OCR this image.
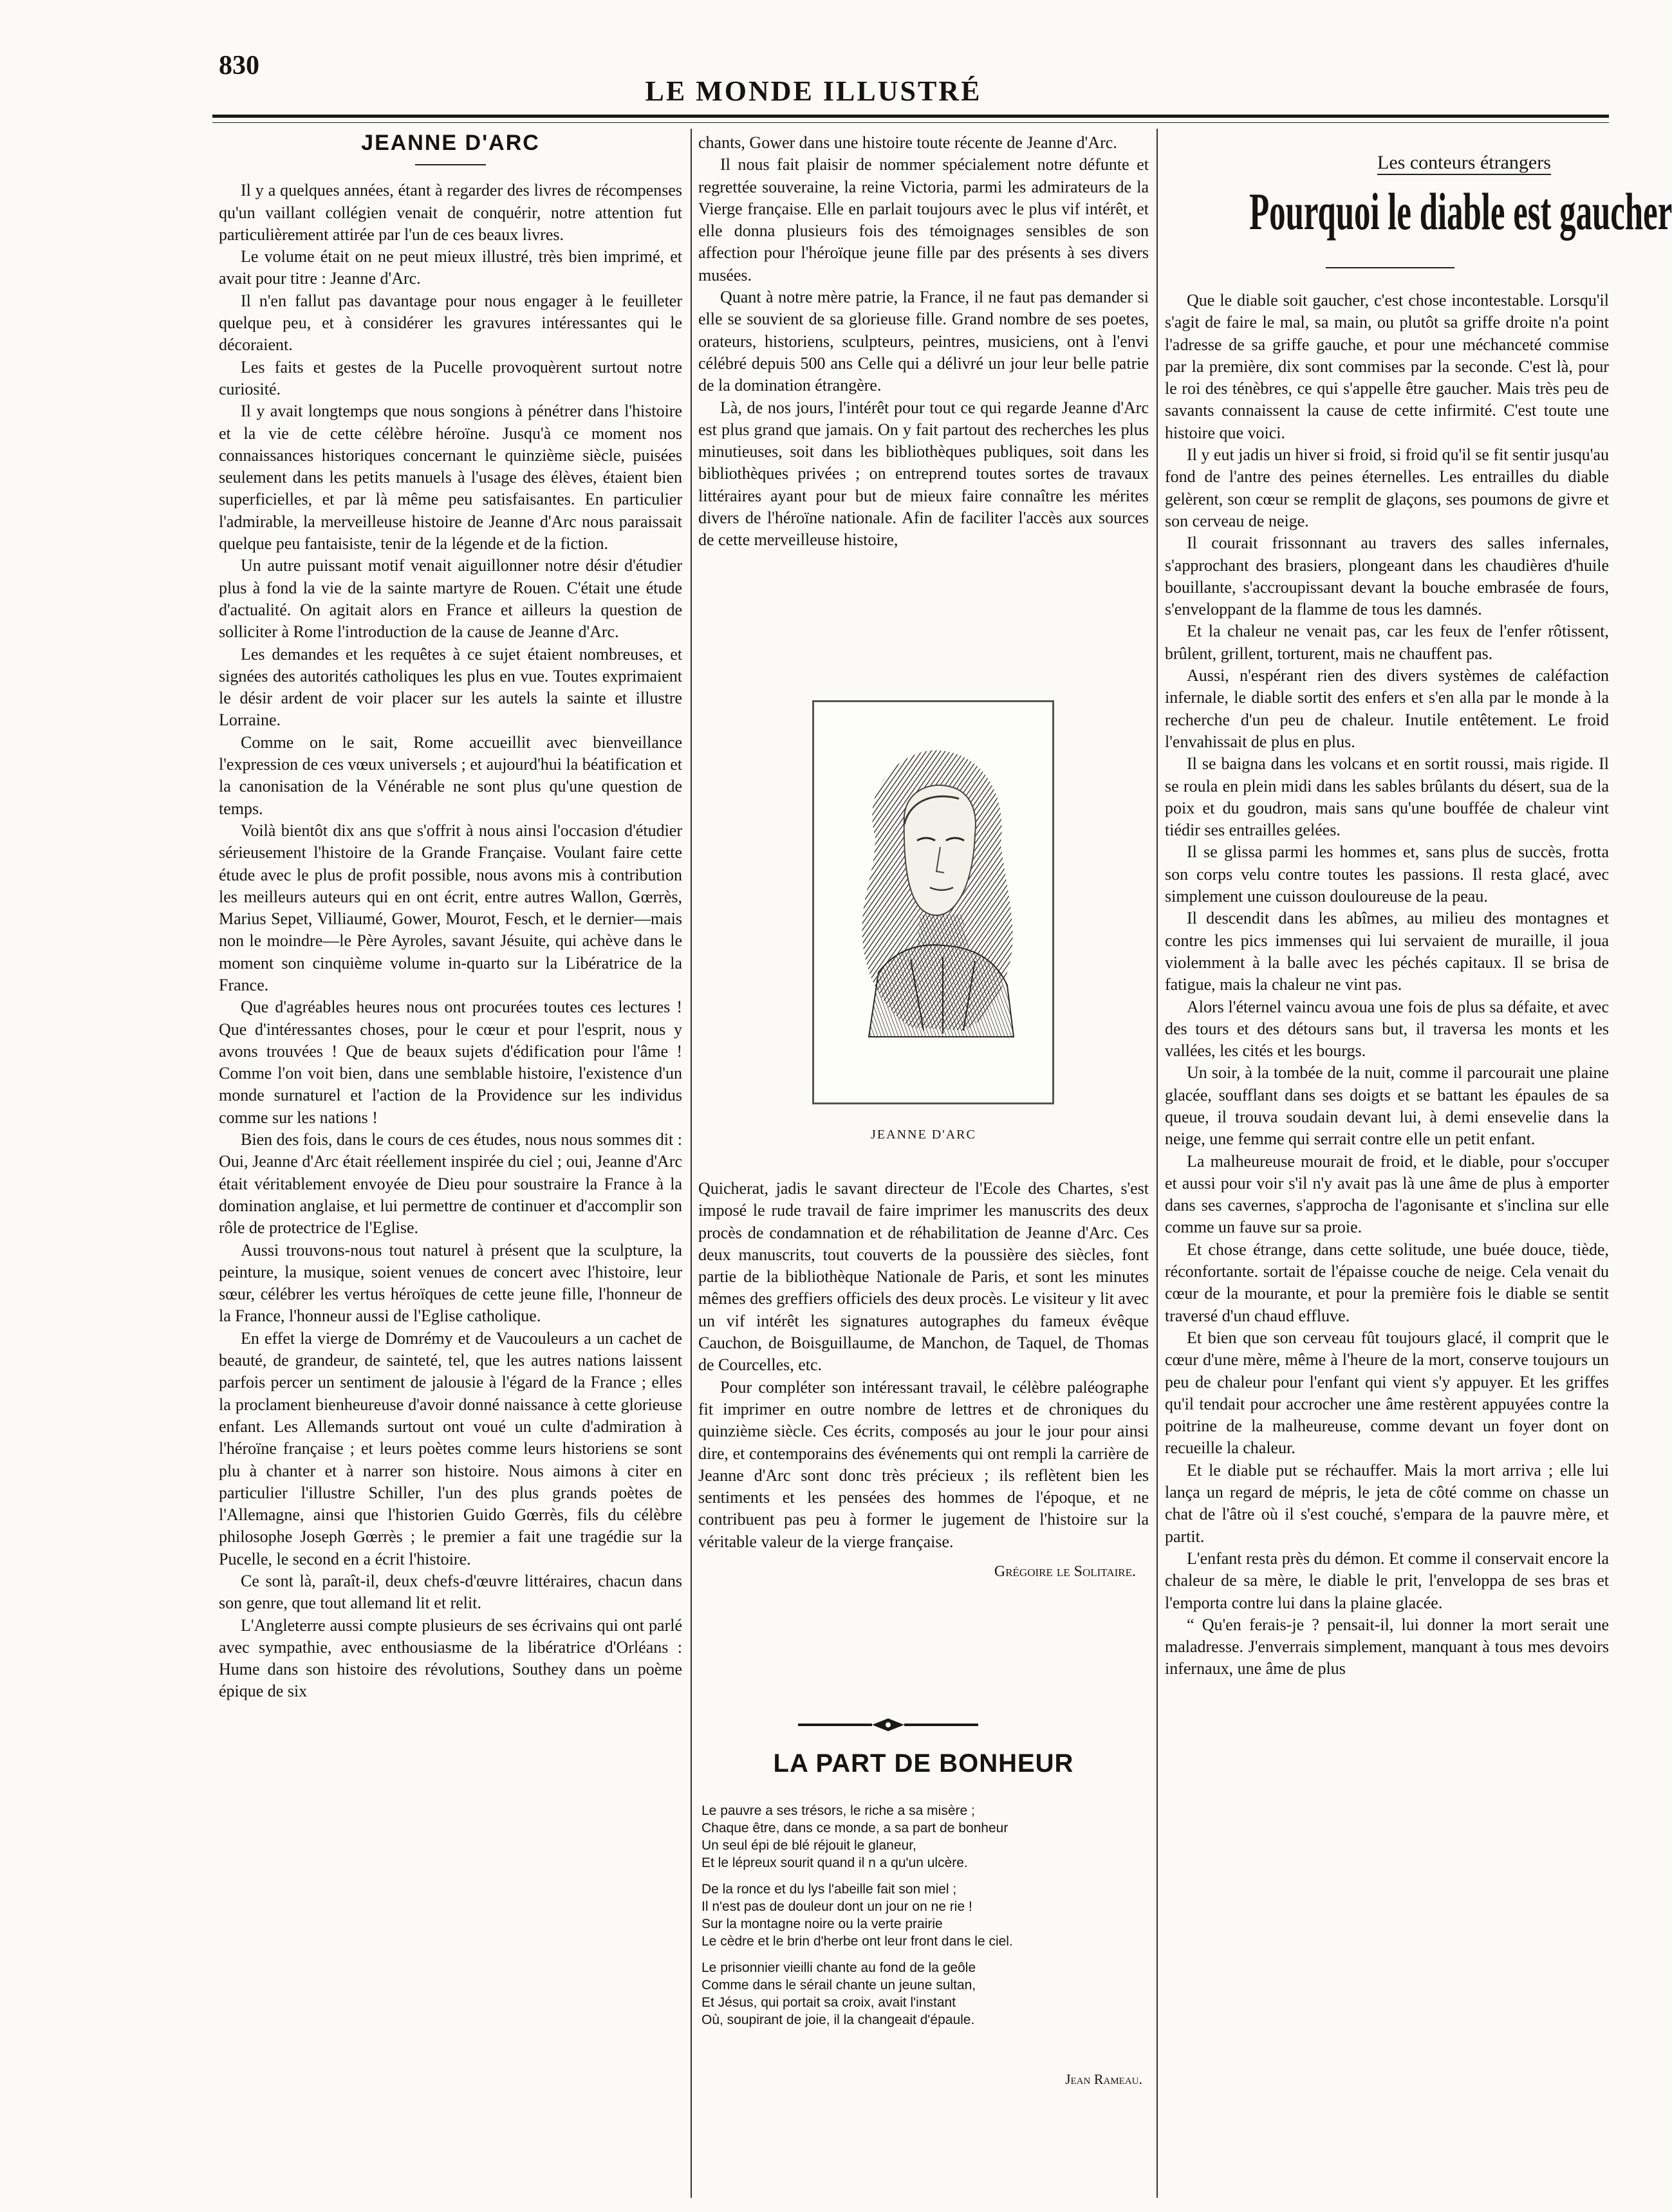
830
LE MONDE ILLUSTRÉ
JEANNE D'ARC

Il y a quelques années, étant à regarder des livres de récompenses qu'un vaillant collégien venait de conquérir, notre attention fut particulièrement attirée par l'un de ces beaux livres.

Le volume était on ne peut mieux illustré, très bien imprimé, et avait pour titre : Jeanne d'Arc.

Il n'en fallut pas davantage pour nous engager à le feuilleter quelque peu, et à considérer les gravures intéressantes qui le décoraient.

Les faits et gestes de la Pucelle provoquèrent surtout notre curiosité.

Il y avait longtemps que nous songions à pénétrer dans l'histoire et la vie de cette célèbre héroïne. Jusqu'à ce moment nos connaissances historiques concernant le quinzième siècle, puisées seulement dans les petits manuels à l'usage des élèves, étaient bien superficielles, et par là même peu satisfaisantes. En particulier l'admirable, la merveilleuse histoire de Jeanne d'Arc nous paraissait quelque peu fantaisiste, tenir de la légende et de la fiction.

Un autre puissant motif venait aiguillonner notre désir d'étudier plus à fond la vie de la sainte martyre de Rouen. C'était une étude d'actualité. On agitait alors en France et ailleurs la question de solliciter à Rome l'introduction de la cause de Jeanne d'Arc.

Les demandes et les requêtes à ce sujet étaient nombreuses, et signées des autorités catholiques les plus en vue. Toutes exprimaient le désir ardent de voir placer sur les autels la sainte et illustre Lorraine.

Comme on le sait, Rome accueillit avec bienveillance l'expression de ces vœux universels ; et aujourd'hui la béatification et la canonisation de la Vénérable ne sont plus qu'une question de temps.

Voilà bientôt dix ans que s'offrit à nous ainsi l'occasion d'étudier sérieusement l'histoire de la Grande Française. Voulant faire cette étude avec le plus de profit possible, nous avons mis à contribution les meilleurs auteurs qui en ont écrit, entre autres Wallon, Gœrrès, Marius Sepet, Villiaumé, Gower, Mourot, Fesch, et le dernier—mais non le moindre—le Père Ayroles, savant Jésuite, qui achève dans le moment son cinquième volume in-quarto sur la Libératrice de la France.

Que d'agréables heures nous ont procurées toutes ces lectures ! Que d'intéressantes choses, pour le cœur et pour l'esprit, nous y avons trouvées ! Que de beaux sujets d'édification pour l'âme ! Comme l'on voit bien, dans une semblable histoire, l'existence d'un monde surnaturel et l'action de la Providence sur les individus comme sur les nations !

Bien des fois, dans le cours de ces études, nous nous sommes dit : Oui, Jeanne d'Arc était réellement inspirée du ciel ; oui, Jeanne d'Arc était véritablement envoyée de Dieu pour soustraire la France à la domination anglaise, et lui permettre de continuer et d'accomplir son rôle de protectrice de l'Eglise.

Aussi trouvons-nous tout naturel à présent que la sculpture, la peinture, la musique, soient venues de concert avec l'histoire, leur sœur, célébrer les vertus héroïques de cette jeune fille, l'honneur de la France, l'honneur aussi de l'Eglise catholique.

En effet la vierge de Domrémy et de Vaucouleurs a un cachet de beauté, de grandeur, de sainteté, tel, que les autres nations laissent parfois percer un sentiment de jalousie à l'égard de la France ; elles la proclament bienheureuse d'avoir donné naissance à cette glorieuse enfant. Les Allemands surtout ont voué un culte d'admiration à l'héroïne française ; et leurs poètes comme leurs historiens se sont plu à chanter et à narrer son histoire. Nous aimons à citer en particulier l'illustre Schiller, l'un des plus grands poètes de l'Allemagne, ainsi que l'historien Guido Gœrrès, fils du célèbre philosophe Joseph Gœrrès ; le premier a fait une tragédie sur la Pucelle, le second en a écrit l'histoire.

Ce sont là, paraît-il, deux chefs-d'œuvre littéraires, chacun dans son genre, que tout allemand lit et relit.

L'Angleterre aussi compte plusieurs de ses écrivains qui ont parlé avec sympathie, avec enthousiasme de la libératrice d'Orléans : Hume dans son histoire des révolutions, Southey dans un poème épique de six

chants, Gower dans une histoire toute récente de Jeanne d'Arc.

Il nous fait plaisir de nommer spécialement notre défunte et regrettée souveraine, la reine Victoria, parmi les admirateurs de la Vierge française. Elle en parlait toujours avec le plus vif intérêt, et elle donna plusieurs fois des témoignages sensibles de son affection pour l'héroïque jeune fille par des présents à ses divers musées.

Quant à notre mère patrie, la France, il ne faut pas demander si elle se souvient de sa glorieuse fille. Grand nombre de ses poetes, orateurs, historiens, sculpteurs, peintres, musiciens, ont à l'envi célébré depuis 500 ans Celle qui a délivré un jour leur belle patrie de la domination étrangère.

Là, de nos jours, l'intérêt pour tout ce qui regarde Jeanne d'Arc est plus grand que jamais. On y fait partout des recherches les plus minutieuses, soit dans les bibliothèques publiques, soit dans les bibliothèques privées ; on entreprend toutes sortes de travaux littéraires ayant pour but de mieux faire connaître les mérites divers de l'héroïne nationale. Afin de faciliter l'accès aux sources de cette merveilleuse histoire,

JEANNE D'ARC

Quicherat, jadis le savant directeur de l'Ecole des Chartes, s'est imposé le rude travail de faire imprimer les manuscrits des deux procès de condamnation et de réhabilitation de Jeanne d'Arc. Ces deux manuscrits, tout couverts de la poussière des siècles, font partie de la bibliothèque Nationale de Paris, et sont les minutes mêmes des greffiers officiels des deux procès. Le visiteur y lit avec un vif intérêt les signatures autographes du fameux évêque Cauchon, de Boisguillaume, de Manchon, de Taquel, de Thomas de Courcelles, etc.

Pour compléter son intéressant travail, le célèbre paléographe fit imprimer en outre nombre de lettres et de chroniques du quinzième siècle. Ces écrits, composés au jour le jour pour ainsi dire, et contemporains des événements qui ont rempli la carrière de Jeanne d'Arc sont donc très précieux ; ils reflètent bien les sentiments et les pensées des hommes de l'époque, et ne contribuent pas peu à former le jugement de l'histoire sur la véritable valeur de la vierge française.

Grégoire le Solitaire.
LA PART DE BONHEUR
Le pauvre a ses trésors, le riche a sa misère ;
Chaque être, dans ce monde, a sa part de bonheur
Un seul épi de blé réjouit le glaneur,
Et le lépreux sourit quand il n a qu'un ulcère.
De la ronce et du lys l'abeille fait son miel ;
Il n'est pas de douleur dont un jour on ne rie !
Sur la montagne noire ou la verte prairie
Le cèdre et le brin d'herbe ont leur front dans le ciel.
Le prisonnier vieilli chante au fond de la geôle
Comme dans le sérail chante un jeune sultan,
Et Jésus, qui portait sa croix, avait l'instant
Où, soupirant de joie, il la changeait d'épaule.
Jean Rameau.
Les conteurs étrangers
Pourquoi le diable est gaucher

Que le diable soit gaucher, c'est chose incontestable. Lorsqu'il s'agit de faire le mal, sa main, ou plutôt sa griffe droite n'a point l'adresse de sa griffe gauche, et pour une méchanceté commise par la première, dix sont commises par la seconde. C'est là, pour le roi des ténèbres, ce qui s'appelle être gaucher. Mais très peu de savants connaissent la cause de cette infirmité. C'est toute une histoire que voici.

Il y eut jadis un hiver si froid, si froid qu'il se fit sentir jusqu'au fond de l'antre des peines éternelles. Les entrailles du diable gelèrent, son cœur se remplit de glaçons, ses poumons de givre et son cerveau de neige.

Il courait frissonnant au travers des salles infernales, s'approchant des brasiers, plongeant dans les chaudières d'huile bouillante, s'accroupissant devant la bouche embrasée de fours, s'enveloppant de la flamme de tous les damnés.

Et la chaleur ne venait pas, car les feux de l'enfer rôtissent, brûlent, grillent, torturent, mais ne chauffent pas.

Aussi, n'espérant rien des divers systèmes de caléfaction infernale, le diable sortit des enfers et s'en alla par le monde à la recherche d'un peu de chaleur. Inutile entêtement. Le froid l'envahissait de plus en plus.

Il se baigna dans les volcans et en sortit roussi, mais rigide. Il se roula en plein midi dans les sables brûlants du désert, sua de la poix et du goudron, mais sans qu'une bouffée de chaleur vint tiédir ses entrailles gelées.

Il se glissa parmi les hommes et, sans plus de succès, frotta son corps velu contre toutes les passions. Il resta glacé, avec simplement une cuisson douloureuse de la peau.

Il descendit dans les abîmes, au milieu des montagnes et contre les pics immenses qui lui servaient de muraille, il joua violemment à la balle avec les péchés capitaux. Il se brisa de fatigue, mais la chaleur ne vint pas.

Alors l'éternel vaincu avoua une fois de plus sa défaite, et avec des tours et des détours sans but, il traversa les monts et les vallées, les cités et les bourgs.

Un soir, à la tombée de la nuit, comme il parcourait une plaine glacée, soufflant dans ses doigts et se battant les épaules de sa queue, il trouva soudain devant lui, à demi ensevelie dans la neige, une femme qui serrait contre elle un petit enfant.

La malheureuse mourait de froid, et le diable, pour s'occuper et aussi pour voir s'il n'y avait pas là une âme de plus à emporter dans ses cavernes, s'approcha de l'agonisante et s'inclina sur elle comme un fauve sur sa proie.

Et chose étrange, dans cette solitude, une buée douce, tiède, réconfortante. sortait de l'épaisse couche de neige. Cela venait du cœur de la mourante, et pour la première fois le diable se sentit traversé d'un chaud effluve.

Et bien que son cerveau fût toujours glacé, il comprit que le cœur d'une mère, même à l'heure de la mort, conserve toujours un peu de chaleur pour l'enfant qui vient s'y appuyer. Et les griffes qu'il tendait pour accrocher une âme restèrent appuyées contre la poitrine de la malheureuse, comme devant un foyer dont on recueille la chaleur.

Et le diable put se réchauffer. Mais la mort arriva ; elle lui lança un regard de mépris, le jeta de côté comme on chasse un chat de l'âtre où il s'est couché, s'empara de la pauvre mère, et partit.

L'enfant resta près du démon. Et comme il conservait encore la chaleur de sa mère, le diable le prit, l'enveloppa de ses bras et l'emporta contre lui dans la plaine glacée.

“ Qu'en ferais-je ? pensait-il, lui donner la mort serait une maladresse. J'enverrais simplement, manquant à tous mes devoirs infernaux, une âme de plus
